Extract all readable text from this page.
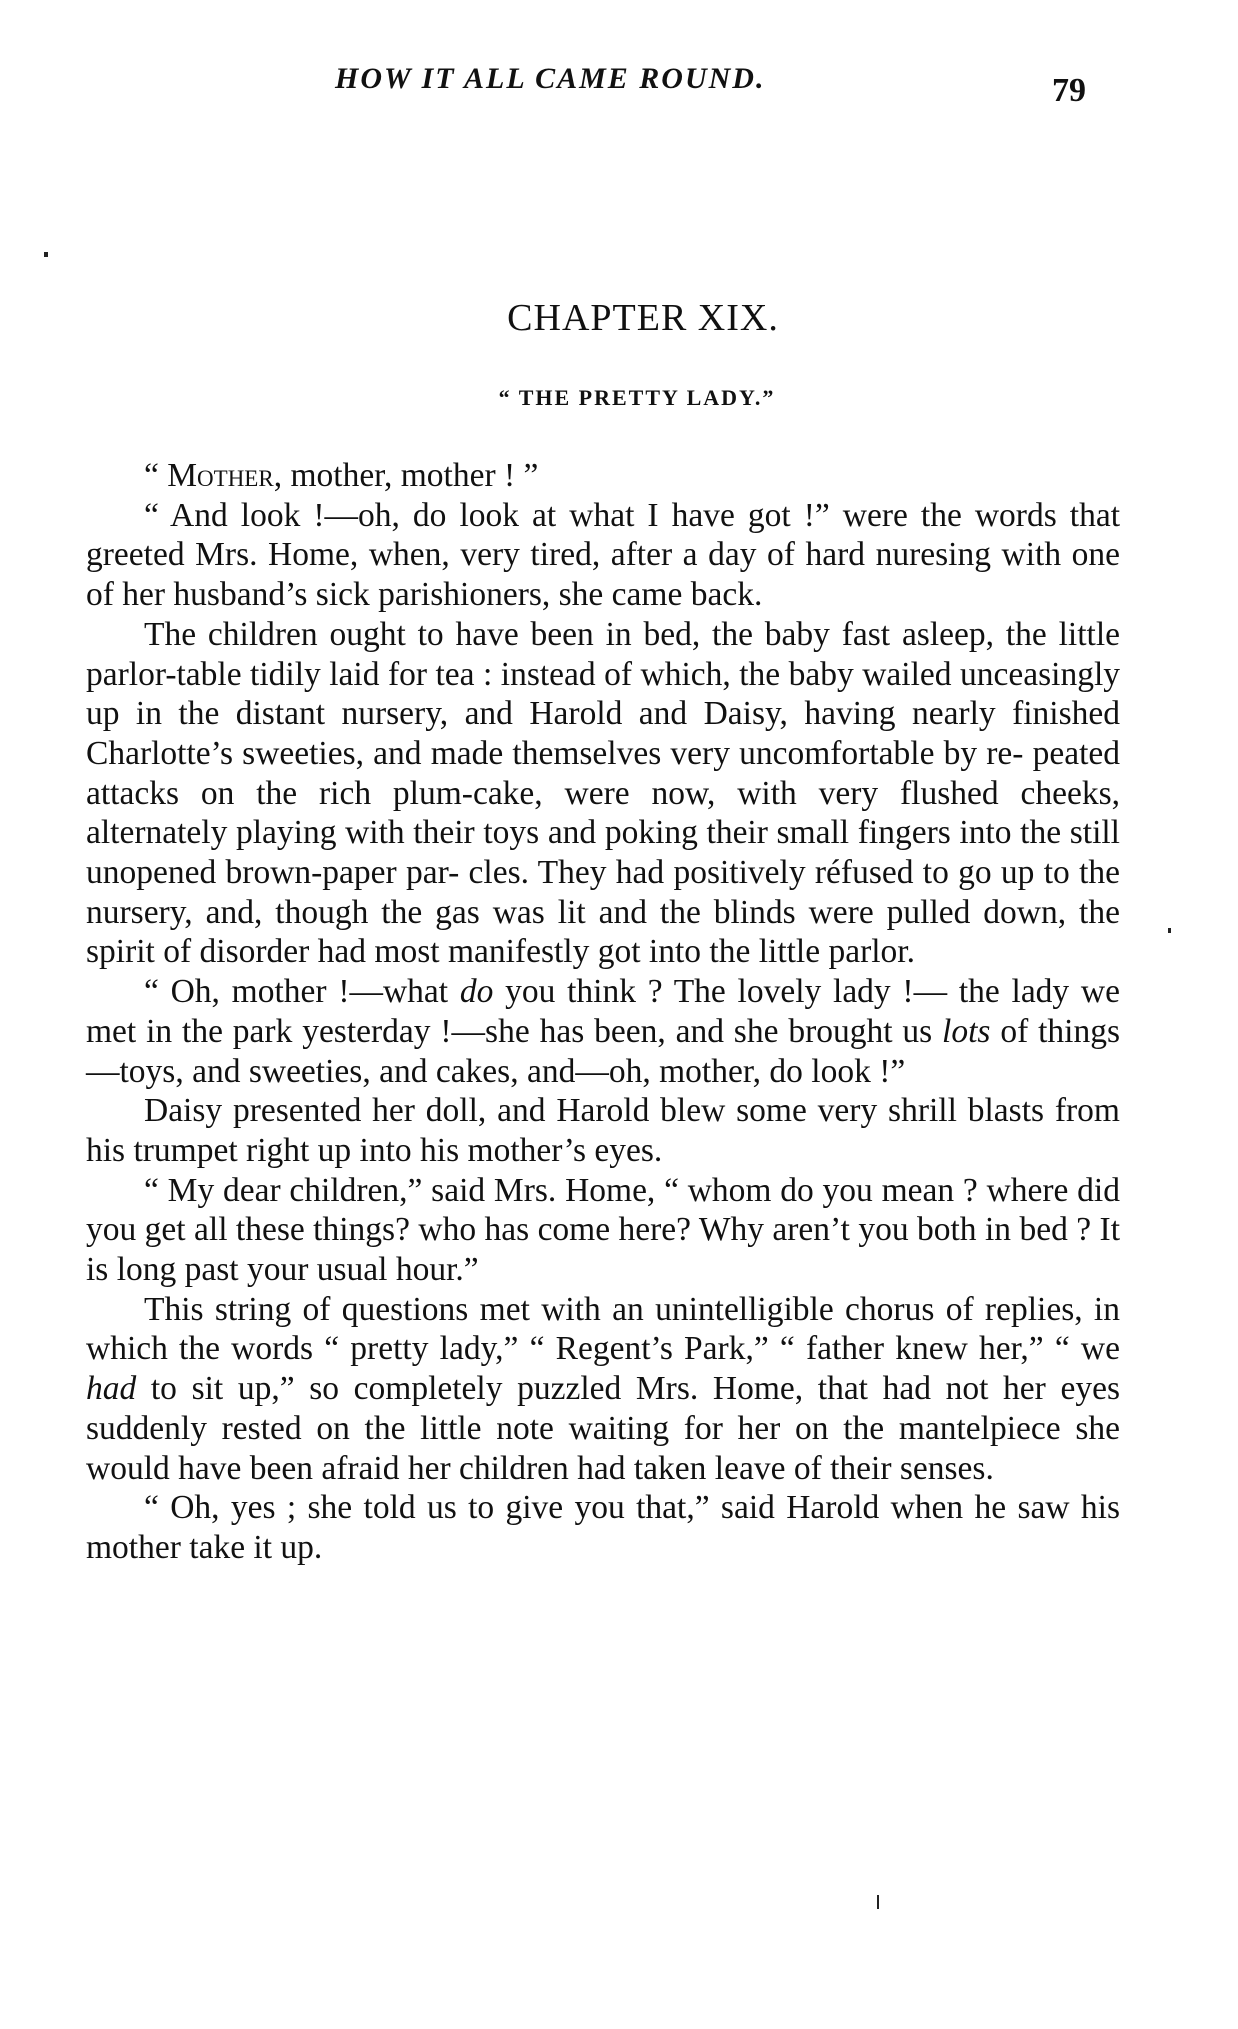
HOW IT ALL CAME ROUND.	79
CHAPTER XIX.
“ THE PRETTY LADY.”

“ Mother, mother, mother ! ”

“ And look !—oh, do look at what I have got !” were the words that greeted Mrs. Home, when, very tired, after a day of hard nuresing with one of her husband’s sick parishioners, she came back.

The children ought to have been in bed, the baby fast asleep, the little parlor-table tidily laid for tea : instead of which, the baby wailed unceasingly up in the distant nursery, and Harold and Daisy, having nearly finished Charlotte’s sweeties, and made themselves very uncomfortable by re- peated attacks on the rich plum-cake, were now, with very flushed cheeks, alternately playing with their toys and poking their small fingers into the still unopened brown-paper par- cles. They had positively réfused to go up to the nursery, and, though the gas was lit and the blinds were pulled down, the spirit of disorder had most manifestly got into the little parlor.

“ Oh, mother !—what do you think ? The lovely lady !— the lady we met in the park yesterday !—she has been, and she brought us lots of things—toys, and sweeties, and cakes, and—oh, mother, do look !”

Daisy presented her doll, and Harold blew some very shrill blasts from his trumpet right up into his mother’s eyes.

“ My dear children,” said Mrs. Home, “ whom do you mean ? where did you get all these things? who has come here? Why aren’t you both in bed ? It is long past your usual hour.”

This string of questions met with an unintelligible chorus of replies, in which the words “ pretty lady,” “ Regent’s Park,” “ father knew her,” “ we had to sit up,” so completely puzzled Mrs. Home, that had not her eyes suddenly rested on the little note waiting for her on the mantelpiece she would have been afraid her children had taken leave of their senses.

“ Oh, yes ; she told us to give you that,” said Harold when he saw his mother take it up.
